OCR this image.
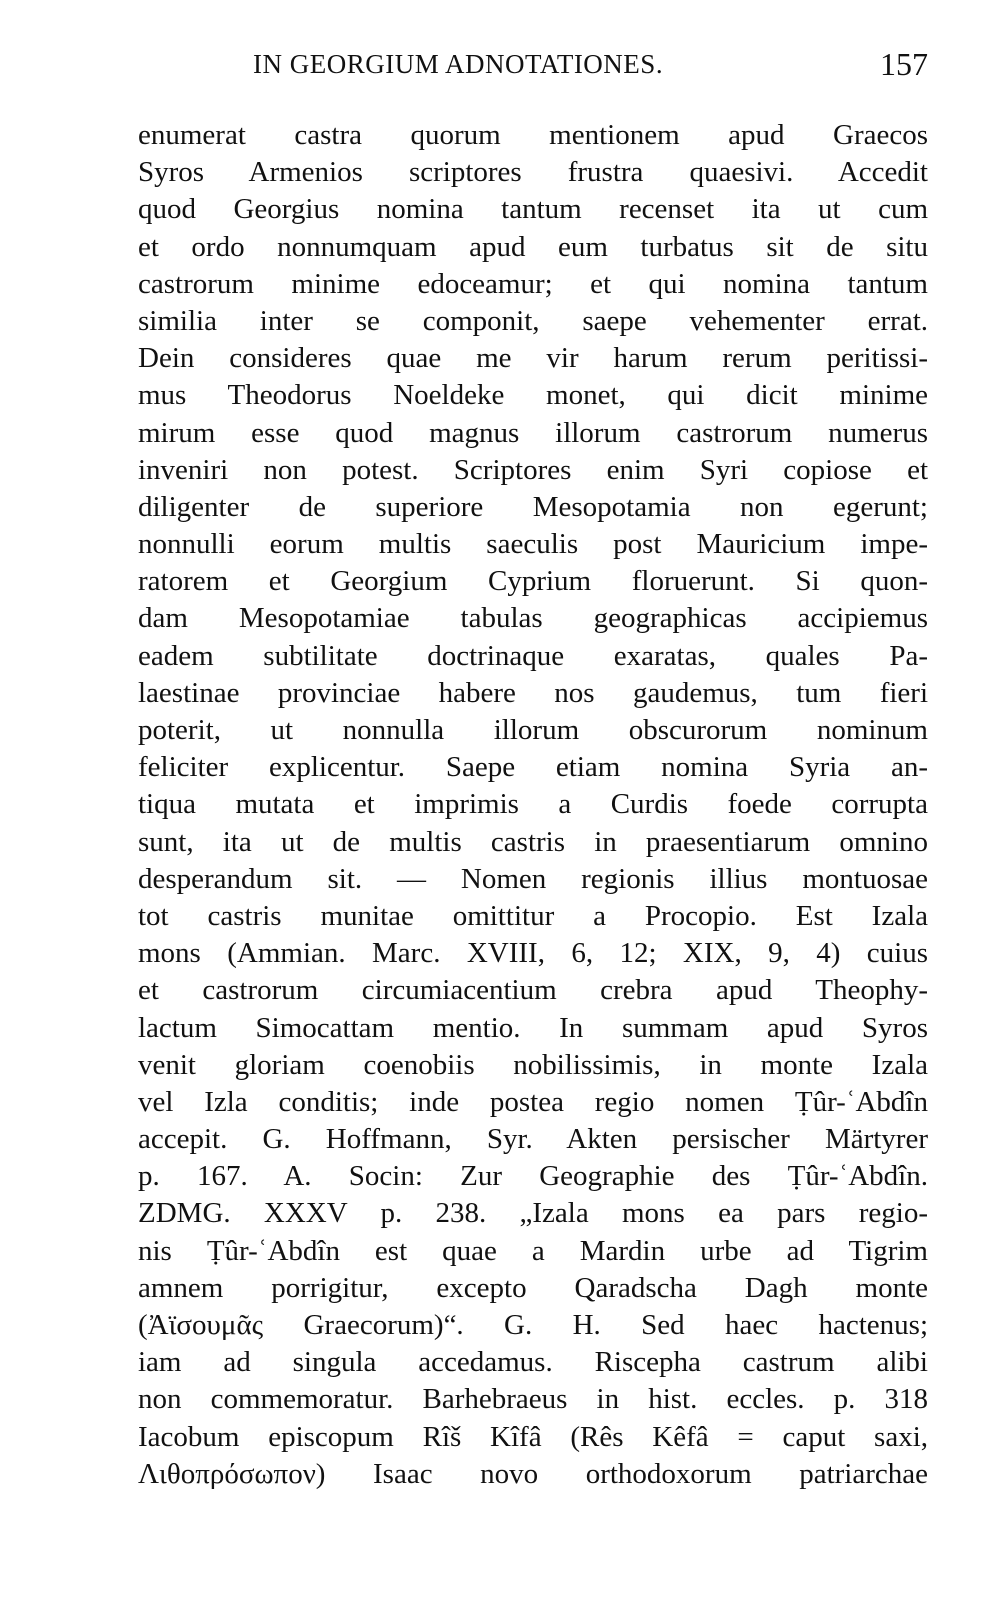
IN GEORGIUM ADNOTATIONES.	157
enumerat castra quorum mentionem apud Graecos
Syros Armenios scriptores frustra quaesivi. Accedit
quod Georgius nomina tantum recenset ita ut cum
et ordo nonnumquam apud eum turbatus sit de situ
castrorum minime edoceamur; et qui nomina tantum
similia inter se componit, saepe vehementer errat.
Dein consideres quae me vir harum rerum peritissi-
mus Theodorus Noeldeke monet, qui dicit minime
mirum esse quod magnus illorum castrorum numerus
inveniri non potest. Scriptores enim Syri copiose et
diligenter de superiore Mesopotamia non egerunt;
nonnulli eorum multis saeculis post Mauricium impe-
ratorem et Georgium Cyprium floruerunt. Si quon-
dam Mesopotamiae tabulas geographicas accipiemus
eadem subtilitate doctrinaque exaratas, quales Pa-
laestinae provinciae habere nos gaudemus, tum fieri
poterit, ut nonnulla illorum obscurorum nominum
feliciter explicentur. Saepe etiam nomina Syria an-
tiqua mutata et imprimis a Curdis foede corrupta
sunt, ita ut de multis castris in praesentiarum omnino
desperandum sit. — Nomen regionis illius montuosae
tot castris munitae omittitur a Procopio. Est Izala
mons (Ammian. Marc. XVIII, 6, 12; XIX, 9, 4) cuius
et castrorum circumiacentium crebra apud Theophy-
lactum Simocattam mentio. In summam apud Syros
venit gloriam coenobiis nobilissimis, in monte Izala
vel Izla conditis; inde postea regio nomen Ṭûr-ʿAbdîn
accepit. G. Hoffmann, Syr. Akten persischer Märtyrer
p. 167. A. Socin: Zur Geographie des Ṭûr-ʿAbdîn.
ZDMG. XXXV p. 238. „Izala mons ea pars regio-
nis Ṭûr-ʿAbdîn est quae a Mardin urbe ad Tigrim
amnem porrigitur, excepto Qaradscha Dagh monte
(Ἀϊσουμᾶς Graecorum)“. G. H. Sed haec hactenus;
iam ad singula accedamus. Riscepha castrum alibi
non commemoratur. Barhebraeus in hist. eccles. p. 318
Iacobum episcopum Rîš Kîfâ (Rês Kêfâ = caput saxi,
Λιθοπρόσωπον) Isaac novo orthodoxorum patriarchae
